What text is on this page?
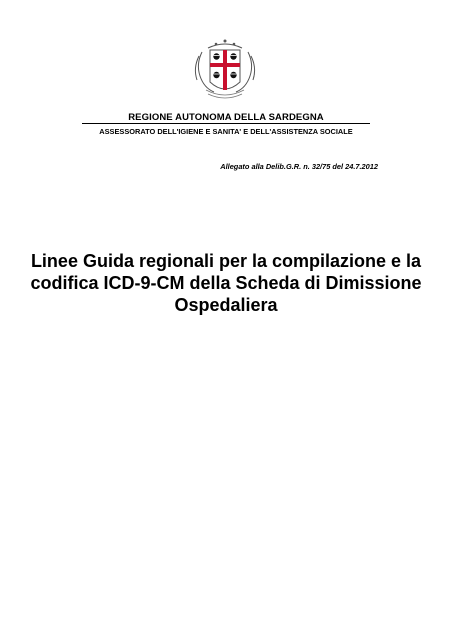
REGIONE AUTONOMA DELLA SARDEGNA
ASSESSORATO DELL'IGIENE E SANITA' E DELL'ASSISTENZA SOCIALE
Allegato alla Delib.G.R. n. 32/75 del 24.7.2012
Linee Guida regionali per la compilazione e la
codifica ICD-9-CM della Scheda di Dimissione
Ospedaliera
